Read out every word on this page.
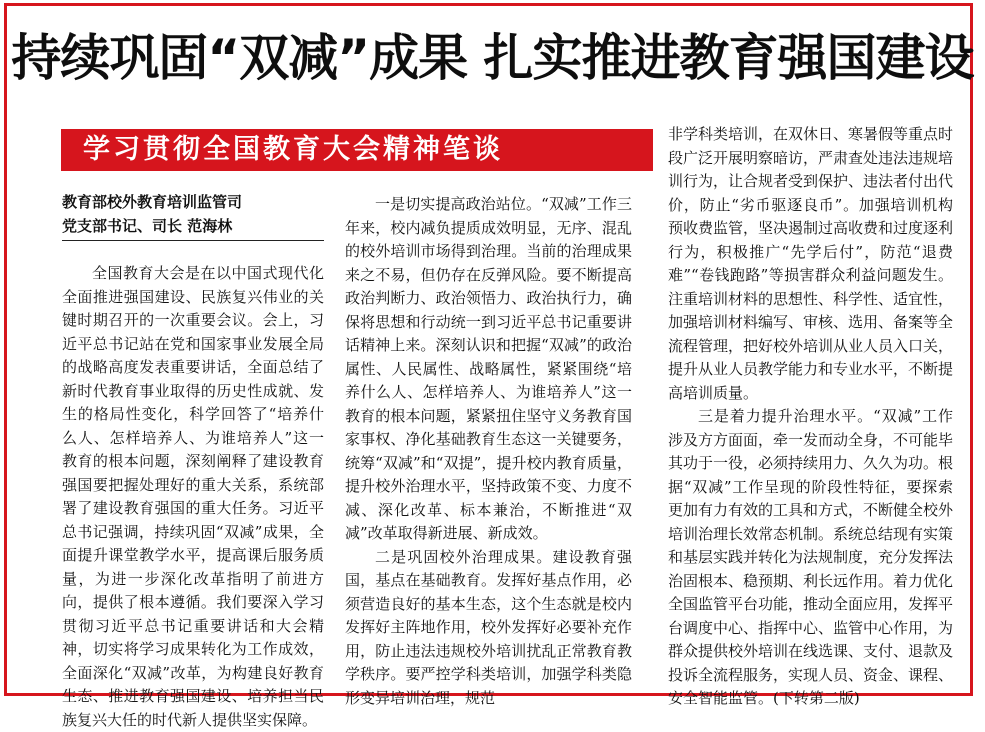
持续巩固“双减”成果 扎实推进教育强国建设
学习贯彻全国教育大会精神笔谈
教育部校外教育培训监管司
党支部书记、司长 范海林

全国教育大会是在以中国式现代化全面推进强国建设、民族复兴伟业的关键时期召开的一次重要会议。会上，习近平总书记站在党和国家事业发展全局的战略高度发表重要讲话，全面总结了新时代教育事业取得的历史性成就、发生的格局性变化，科学回答了“培养什么人、怎样培养人、为谁培养人”这一教育的根本问题，深刻阐释了建设教育强国要把握处理好的重大关系，系统部署了建设教育强国的重大任务。习近平总书记强调，持续巩固“双减”成果，全面提升课堂教学水平，提高课后服务质量，为进一步深化改革指明了前进方向，提供了根本遵循。我们要深入学习贯彻习近平总书记重要讲话和大会精神，切实将学习成果转化为工作成效，全面深化“双减”改革，为构建良好教育生态、推进教育强国建设、培养担当民族复兴大任的时代新人提供坚实保障。

一是切实提高政治站位。“双减”工作三年来，校内减负提质成效明显，无序、混乱的校外培训市场得到治理。当前的治理成果来之不易，但仍存在反弹风险。要不断提高政治判断力、政治领悟力、政治执行力，确保将思想和行动统一到习近平总书记重要讲话精神上来。深刻认识和把握“双减”的政治属性、人民属性、战略属性，紧紧围绕“培养什么人、怎样培养人、为谁培养人”这一教育的根本问题，紧紧扭住坚守义务教育国家事权、净化基础教育生态这一关键要务，统筹“双减”和“双提”，提升校内教育质量，提升校外治理水平，坚持政策不变、力度不减、深化改革、标本兼治，不断推进“双减”改革取得新进展、新成效。

二是巩固校外治理成果。建设教育强国，基点在基础教育。发挥好基点作用，必须营造良好的基本生态，这个生态就是校内发挥好主阵地作用，校外发挥好必要补充作用，防止违法违规校外培训扰乱正常教育教学秩序。要严控学科类培训，加强学科类隐形变异培训治理，规范

非学科类培训，在双休日、寒暑假等重点时段广泛开展明察暗访，严肃查处违法违规培训行为，让合规者受到保护、违法者付出代价，防止“劣币驱逐良币”。加强培训机构预收费监管，坚决遏制过高收费和过度逐利行为，积极推广“先学后付”，防范“退费难”“卷钱跑路”等损害群众利益问题发生。注重培训材料的思想性、科学性、适宜性，加强培训材料编写、审核、选用、备案等全流程管理，把好校外培训从业人员入口关，提升从业人员教学能力和专业水平，不断提高培训质量。

三是着力提升治理水平。“双减”工作涉及方方面面，牵一发而动全身，不可能毕其功于一役，必须持续用力、久久为功。根据“双减”工作呈现的阶段性特征，要探索更加有力有效的工具和方式，不断健全校外培训治理长效常态机制。系统总结现有实策和基层实践并转化为法规制度，充分发挥法治固根本、稳预期、利长远作用。着力优化全国监管平台功能，推动全面应用，发挥平台调度中心、指挥中心、监管中心作用，为群众提供校外培训在线选课、支付、退款及投诉全流程服务，实现人员、资金、课程、安全智能监管。(下转第二版)
